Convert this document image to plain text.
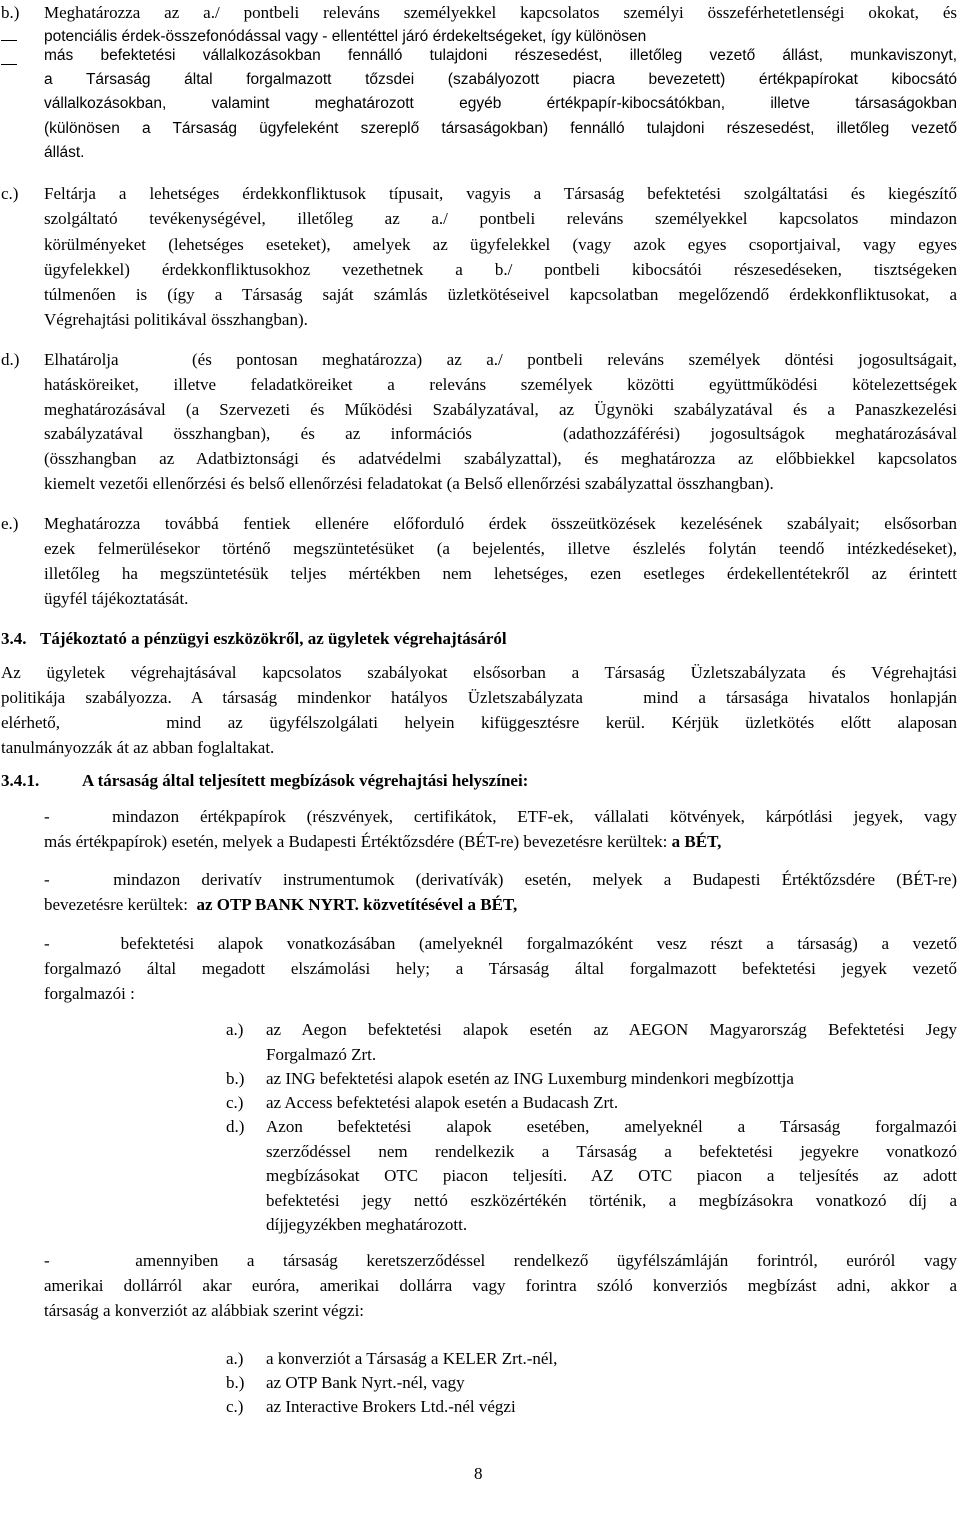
b.) Meghatározza az a./ pontbeli releváns személyekkel kapcsolatos személyi összeférhetetlenségi okokat, és
potenciális érdek-összefonódással vagy - ellentéttel járó érdekeltségeket, így különösen
más befektetési vállalkozásokban fennálló tulajdoni részesedést, illetőleg vezető állást, munkaviszonyt,
a Társaság által forgalmazott tőzsdei (szabályozott piacra bevezetett) értékpapírokat kibocsátó
vállalkozásokban, valamint meghatározott egyéb értékpapír-kibocsátókban, illetve társaságokban
(különösen a Társaság ügyfeleként szereplő társaságokban) fennálló tulajdoni részesedést, illetőleg vezető
állást.
c.) Feltárja a lehetséges érdekkonfliktusok típusait, vagyis a Társaság befektetési szolgáltatási és kiegészítő
szolgáltató tevékenységével, illetőleg az a./ pontbeli releváns személyekkel kapcsolatos mindazon
körülményeket (lehetséges eseteket), amelyek az ügyfelekkel (vagy azok egyes csoportjaival, vagy egyes
ügyfelekkel) érdekkonfliktusokhoz vezethetnek a b./ pontbeli kibocsátói részesedéseken, tisztségeken
túlmenően is (így a Társaság saját számlás üzletkötéseivel kapcsolatban megelőzendő érdekkonfliktusokat, a
Végrehajtási politikával összhangban).
d.) Elhatárolja   (és pontosan meghatározza) az a./ pontbeli releváns személyek döntési jogosultságait,
hatásköreiket, illetve feladatköreiket a releváns személyek közötti együttműködési kötelezettségek
meghatározásával (a Szervezeti és Működési Szabályzatával, az Ügynöki szabályzatával és a Panaszkezelési
szabályzatával összhangban), és az információs   (adathozzáférési) jogosultságok meghatározásával
(összhangban az Adatbiztonsági és adatvédelmi szabályzattal), és meghatározza az előbbiekkel kapcsolatos
kiemelt vezetői ellenőrzési és belső ellenőrzési feladatokat (a Belső ellenőrzési szabályzattal összhangban).
e.) Meghatározza továbbá fentiek ellenére előforduló érdek összeütközések kezelésének szabályait; elsősorban
ezek felmerülésekor történő megszüntetésüket (a bejelentés, illetve észlelés folytán teendő intézkedéseket),
illetőleg ha megszüntetésük teljes mértékben nem lehetséges, ezen esetleges érdekellentétekről az érintett
ügyfél tájékoztatását.
3.4. Tájékoztató a pénzügyi eszközökről, az ügyletek végrehajtásáról
Az ügyletek végrehajtásával kapcsolatos szabályokat elsősorban a Társaság Üzletszabályzata és Végrehajtási
politikája szabályozza. A társaság mindenkor hatályos Üzletszabályzata   mind a társasága hivatalos honlapján
elérhető,    mind az ügyfélszolgálati helyein kifüggesztésre kerül. Kérjük üzletkötés előtt alaposan
tanulmányozzák át az abban foglaltakat.
3.4.1.	A társaság által teljesített megbízások végrehajtási helyszínei:
-   mindazon értékpapírok (részvények, certifikátok, ETF-ek, vállalati kötvények, kárpótlási jegyek, vagy
más értékpapírok) esetén, melyek a Budapesti Értéktőzsdére (BÉT-re) bevezetésre kerültek: a BÉT,
-   mindazon derivatív instrumentumok (derivatívák) esetén, melyek a Budapesti Értéktőzsdére (BÉT-re)
bevezetésre kerültek:  az OTP BANK NYRT. közvetítésével a BÉT,
-   befektetési alapok vonatkozásában (amelyeknél forgalmazóként vesz részt a társaság) a vezető
forgalmazó által megadott elszámolási hely; a Társaság által forgalmazott befektetési jegyek vezető
forgalmazói :
a.) az Aegon befektetési alapok esetén az AEGON Magyarország Befektetési Jegy
Forgalmazó Zrt.
b.) az ING befektetési alapok esetén az ING Luxemburg mindenkori megbízottja
c.) az Access befektetési alapok esetén a Budacash Zrt.
d.) Azon befektetési alapok esetében, amelyeknél a Társaság forgalmazói
szerződéssel nem rendelkezik a Társaság a befektetési jegyekre vonatkozó
megbízásokat OTC piacon teljesíti. AZ OTC piacon a teljesítés az adott
befektetési jegy nettó eszközértékén történik, a megbízásokra vonatkozó díj a
díjjegyzékben meghatározott.
-   amennyiben a társaság keretszerződéssel rendelkező ügyfélszámláján forintról, euróról vagy
amerikai dollárról akar euróra, amerikai dollárra vagy forintra szóló konverziós megbízást adni, akkor a
társaság a konverziót az alábbiak szerint végzi:
a.) a konverziót a Társaság a KELER Zrt.-nél,
b.) az OTP Bank Nyrt.-nél, vagy
c.) az Interactive Brokers Ltd.-nél végzi
8
